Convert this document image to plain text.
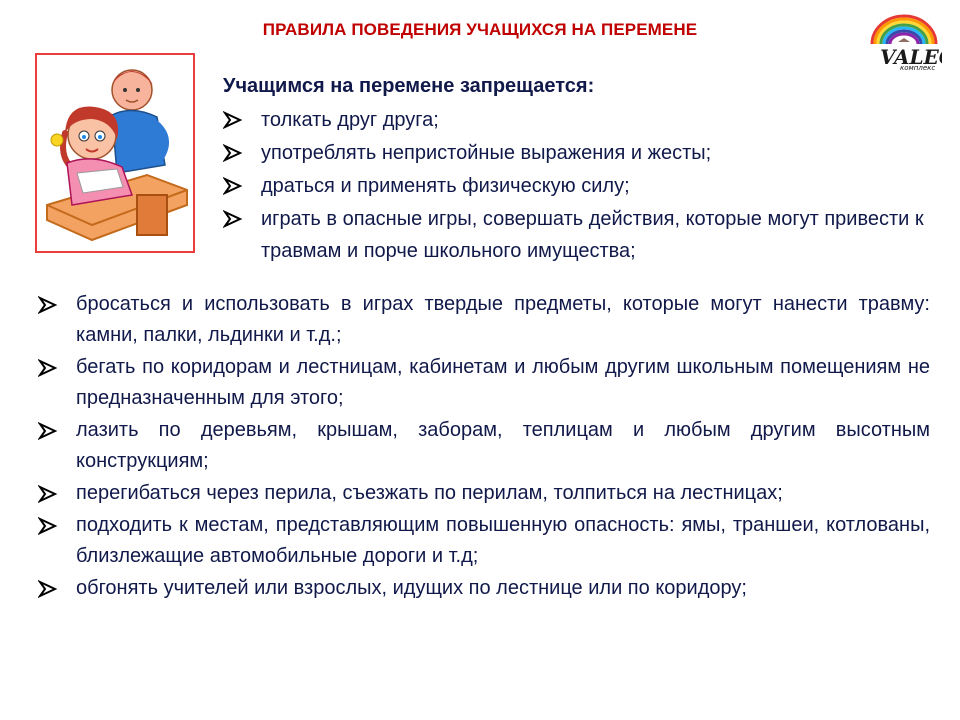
ПРАВИЛА ПОВЕДЕНИЯ УЧАЩИХСЯ НА ПЕРЕМЕНЕ
VALE
комплекс
Учащимся на перемене запрещается:
толкать друг друга;
употреблять непристойные выражения и жесты;
драться и применять физическую силу;
играть в опасные игры, совершать действия, которые могут привести к травмам и порче школьного имущества;
бросаться и использовать в играх твердые предметы, которые могут нанести травму: камни, палки, льдинки и т.д.;
бегать по коридорам и лестницам, кабинетам и любым другим школьным помещениям не предназначенным для этого;
лазить по деревьям, крышам, заборам, теплицам и любым другим высотным конструкциям;
перегибаться через перила, съезжать по перилам, толпиться на лестницах;
подходить к местам, представляющим повышенную опасность: ямы, траншеи, котлованы, близлежащие автомобильные дороги и т.д;
обгонять учителей или взрослых, идущих по лестнице или по коридору;
